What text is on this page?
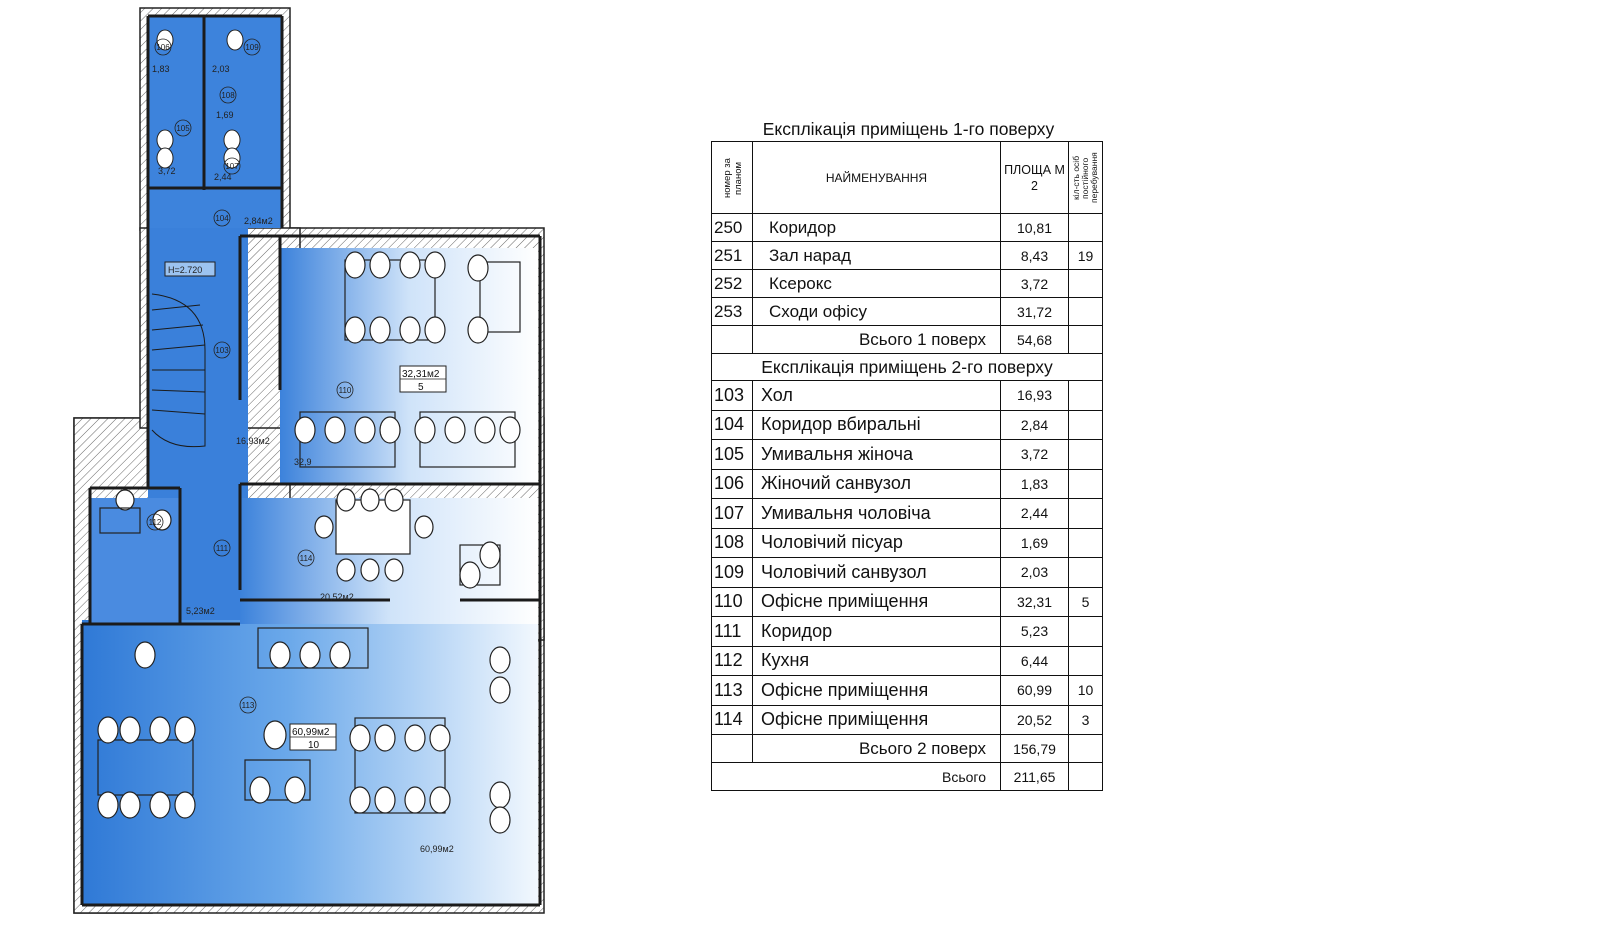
H=2.720
1,83	2,03
1,69
3,72
2,44
2,84м2
16,93м2
32,9
20,52м2
5,23м2
60,99м2
106	109
108
105
107
104
103
110
112
111
114
113
32,31м2
5
60,99м2
10
Експлікація приміщень 1-го поверху
номер за планом	НАЙМЕНУВАННЯ	ПЛОЩА М 2	кіл-сть осіб постійного перебування

250	Коридор	10,81	
251	Зал нарад	8,43	19
252	Ксерокс	3,72	
253	Сходи офісу	31,72	
	Всього 1 поверх	54,68	
Експлікація приміщень 2-го поверху			
103	Хол	16,93	
104	Коридор вбиральні	2,84	
105	Умивальня жіноча	3,72	
106	Жіночий санвузол	1,83	
107	Умивальня чоловіча	2,44	
108	Чоловічий пісуар	1,69	
109	Чоловічий санвузол	2,03	
110	Офісне приміщення	32,31	5
111	Коридор	5,23	
112	Кухня	6,44	
113	Офісне приміщення	60,99	10
114	Офісне приміщення	20,52	3
	Всього 2 поверх	156,79	
Всього		211,65	
